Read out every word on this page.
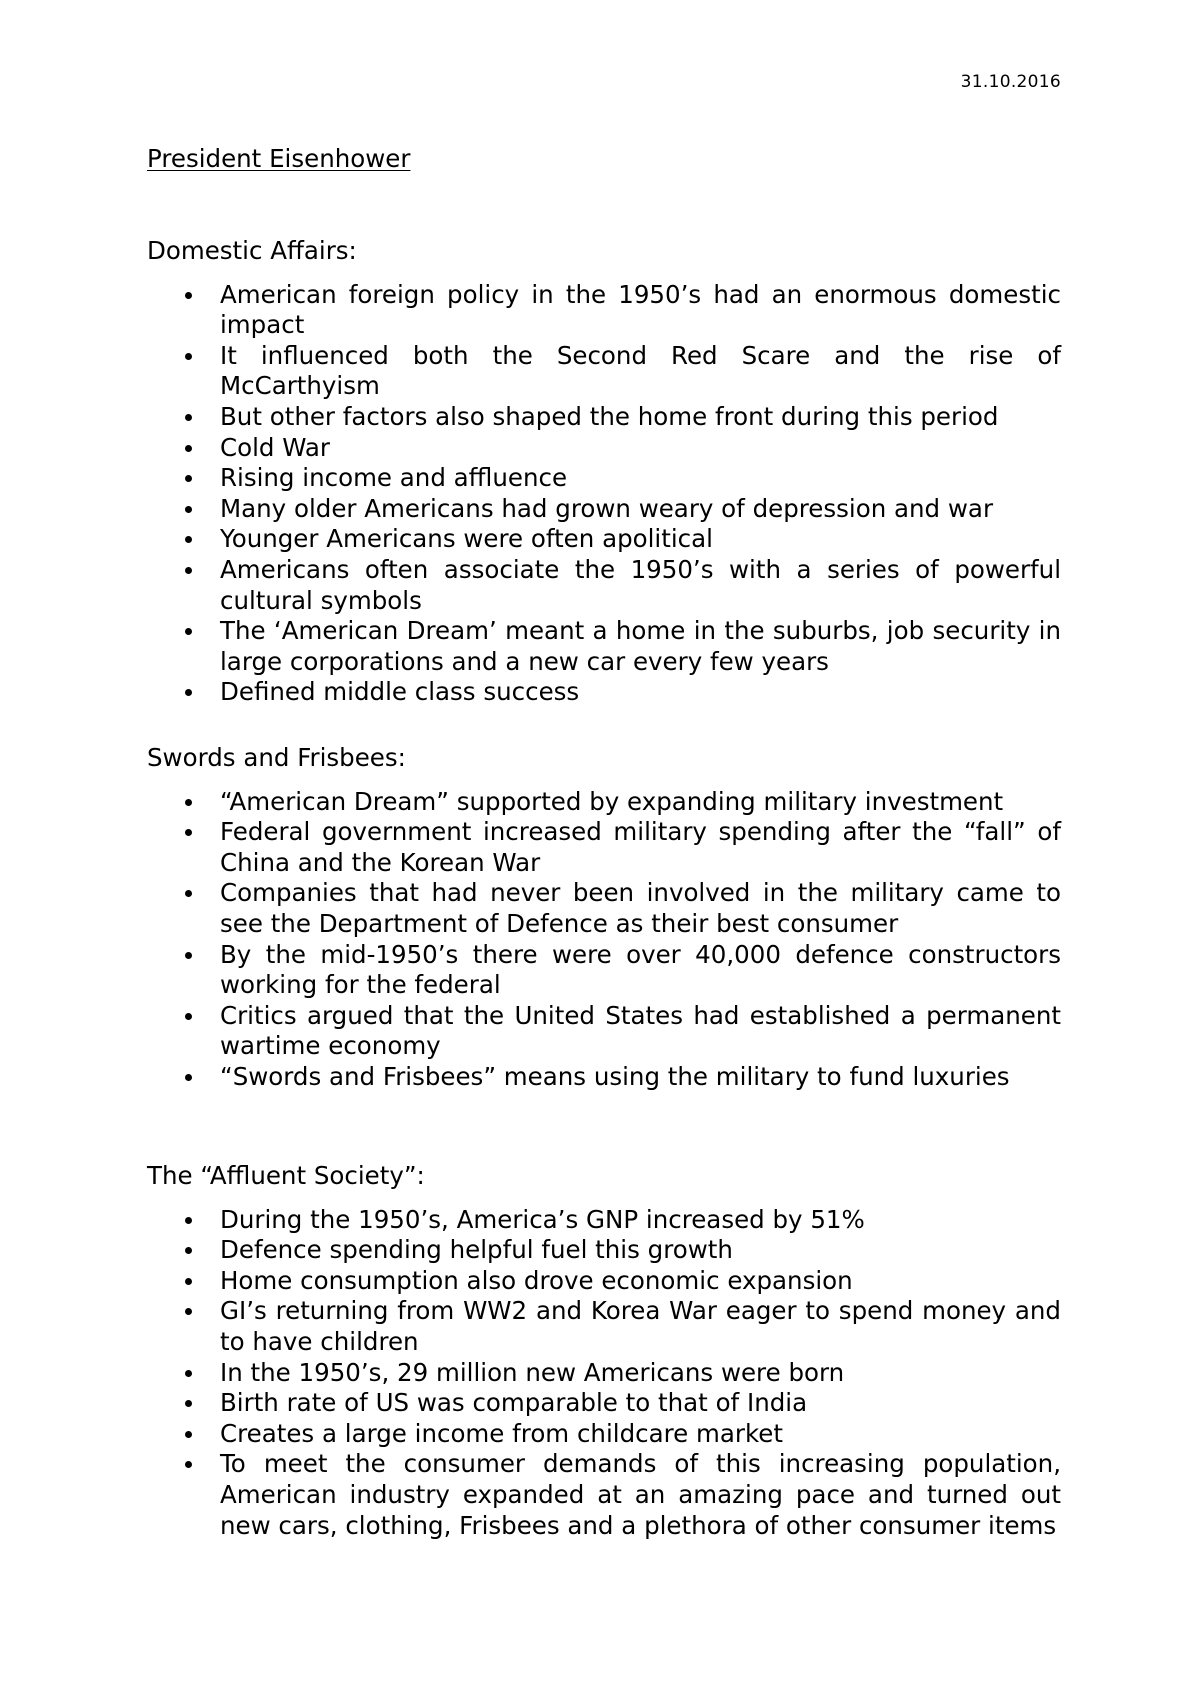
31.10.2016
President Eisenhower
Domestic Affairs:
American foreign policy in the 1950’s had an enormous domestic impact
It influenced both the Second Red Scare and the rise of McCarthyism
But other factors also shaped the home front during this period
Cold War
Rising income and affluence
Many older Americans had grown weary of depression and war
Younger Americans were often apolitical
Americans often associate the 1950’s with a series of powerful cultural symbols
The ‘American Dream’ meant a home in the suburbs, job security in large corporations and a new car every few years
Defined middle class success
Swords and Frisbees:
“American Dream” supported by expanding military investment
Federal government increased military spending after the “fall” of China and the Korean War
Companies that had never been involved in the military came to see the Department of Defence as their best consumer
By the mid-1950’s there were over 40,000 defence constructors working for the federal
Critics argued that the United States had established a permanent wartime economy
“Swords and Frisbees” means using the military to fund luxuries
The “Affluent Society”:
During the 1950’s, America’s GNP increased by 51%
Defence spending helpful fuel this growth
Home consumption also drove economic expansion
GI’s returning from WW2 and Korea War eager to spend money and to have children
In the 1950’s, 29 million new Americans were born
Birth rate of US was comparable to that of India
Creates a large income from childcare market
To meet the consumer demands of this increasing population, American industry expanded at an amazing pace and turned out new cars, clothing, Frisbees and a plethora of other consumer items
